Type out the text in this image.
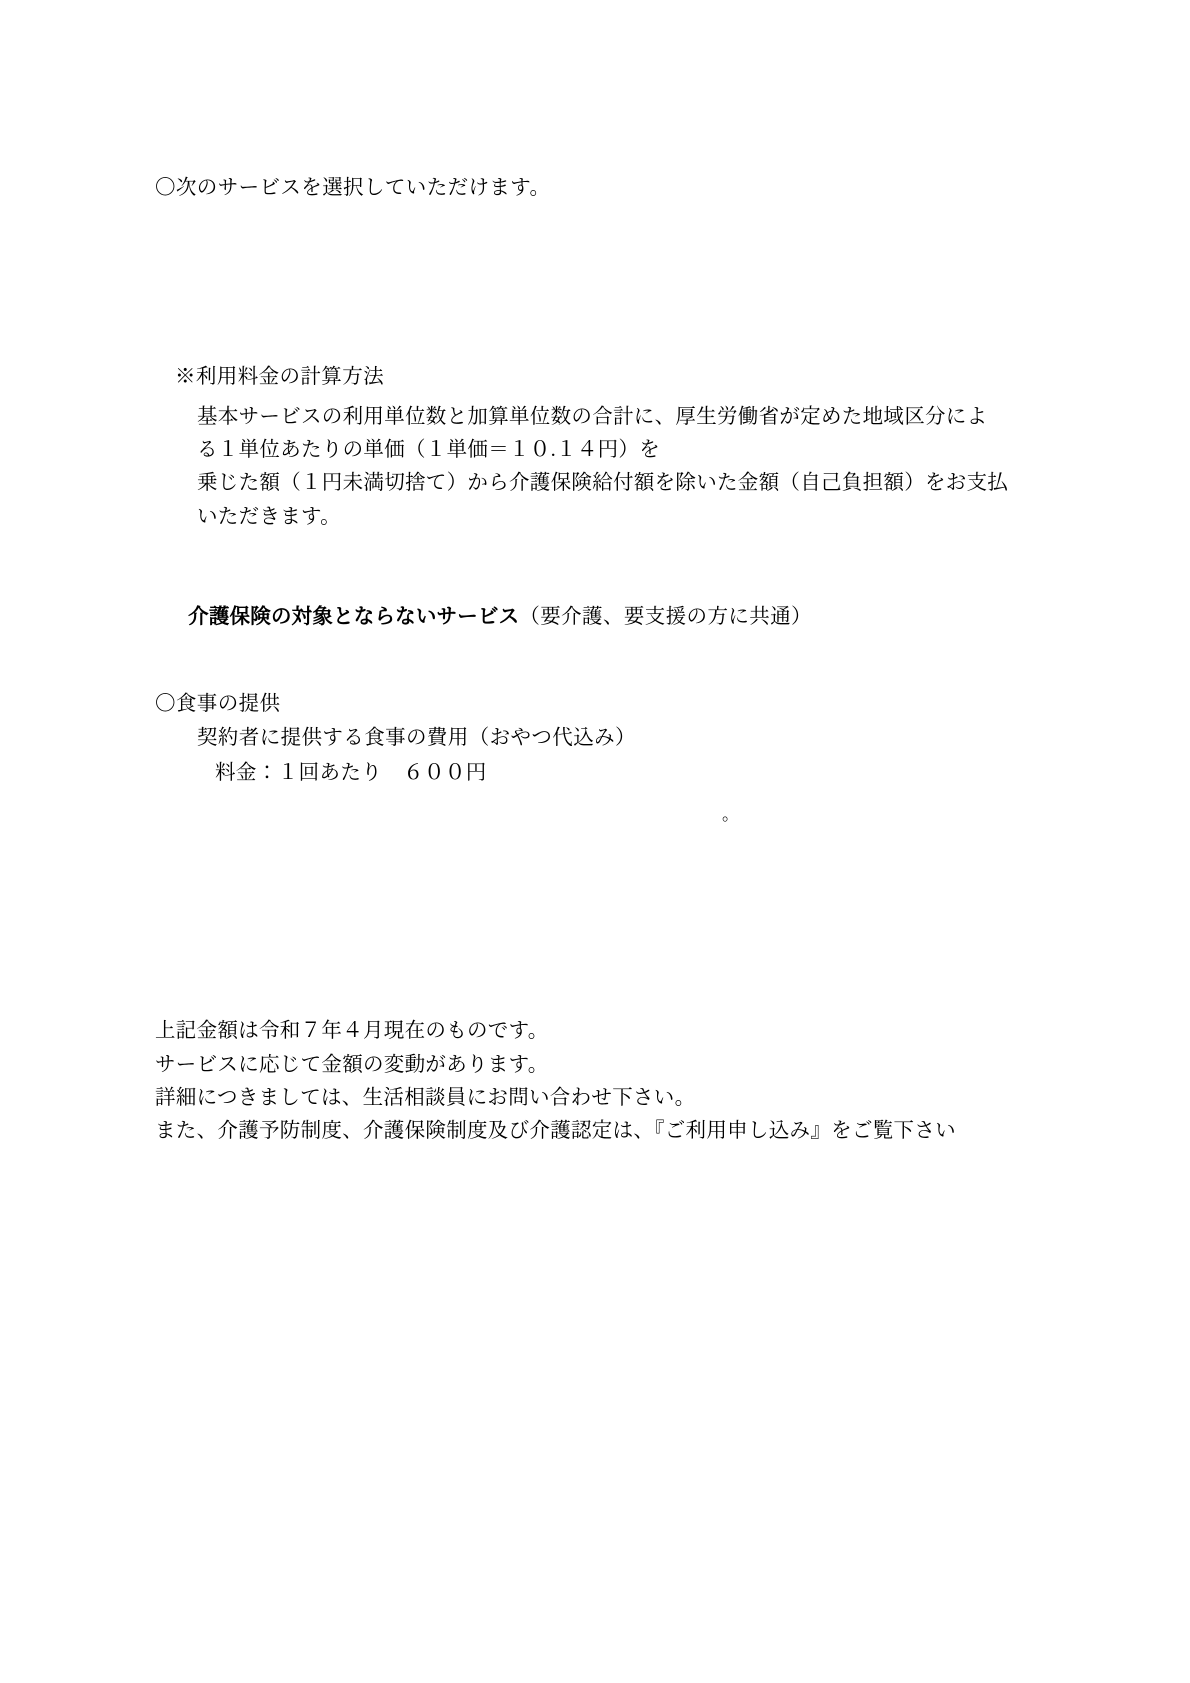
〇次のサービスを選択していただけます。
※利用料金の計算方法
基本サービスの利用単位数と加算単位数の合計に、厚生労働省が定めた地域区分によ
る１単位あたりの単価（１単価＝１０.１４円）を
乗じた額（１円未満切捨て）から介護保険給付額を除いた金額（自己負担額）をお支払
いただきます。

介護保険の対象とならないサービス（要介護、要支援の方に共通）

〇食事の提供
契約者に提供する食事の費用（おやつ代込み）
料金：１回あたり　６００円
上記金額は令和７年４月現在のものです。
サービスに応じて金額の変動があります。
詳細につきましては、生活相談員にお問い合わせ下さい。
また、介護予防制度、介護保険制度及び介護認定は、『ご利用申し込み』をご覧下さい
。
